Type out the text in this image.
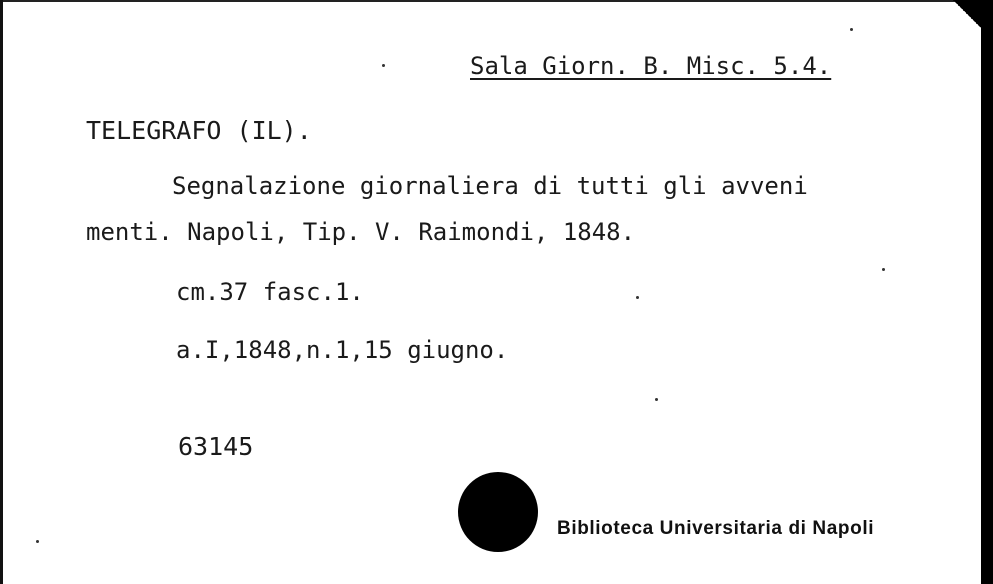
Sala Giorn. B. Misc. 5.4.
TELEGRAFO (IL).
Segnalazione giornaliera di tutti gli avveni
menti. Napoli, Tip. V. Raimondi, 1848.
cm.37 fasc.1.
a.I,1848,n.1,15 giugno.
63145
Biblioteca Universitaria di Napoli
